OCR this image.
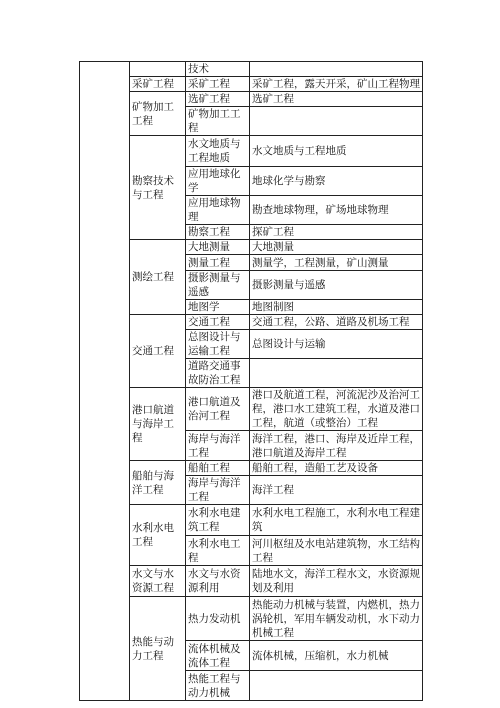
		技术	
	采矿工程	采矿工程	采矿工程，露天开采，矿山工程物理
	矿物加工工程	选矿工程	选矿工程
		矿物加工工程	
	勘察技术与工程	水文地质与工程地质	水文地质与工程地质
		应用地球化学	地球化学与勘察
		应用地球物理	勘查地球物理，矿场地球物理
		勘察工程	探矿工程
	测绘工程	大地测量	大地测量
		测量工程	测量学，工程测量，矿山测量
		摄影测量与遥感	摄影测量与遥感
		地图学	地图制图
	交通工程	交通工程	交通工程，公路、道路及机场工程
		总图设计与运输工程	总图设计与运输
		道路交通事故防治工程	
	港口航道与海岸工程	港口航道及治河工程	港口及航道工程，河流泥沙及治河工程，港口水工建筑工程，水道及港口工程，航道（或整治）工程
		海岸与海洋工程	海洋工程，港口、海岸及近岸工程，港口航道及海岸工程
	船舶与海洋工程	船舶工程	船舶工程，造船工艺及设备
		海岸与海洋工程	海洋工程
	水利水电工程	水利水电建筑工程	水利水电工程施工，水利水电工程建筑
		水利水电工程	河川枢纽及水电站建筑物，水工结构工程
	水文与水资源工程	水文与水资源利用	陆地水文，海洋工程水文，水资源规划及利用
	热能与动力工程	热力发动机	热能动力机械与装置，内燃机，热力涡轮机，军用车辆发动机，水下动力机械工程
		流体机械及流体工程	流体机械，压缩机，水力机械
		热能工程与动力机械	
